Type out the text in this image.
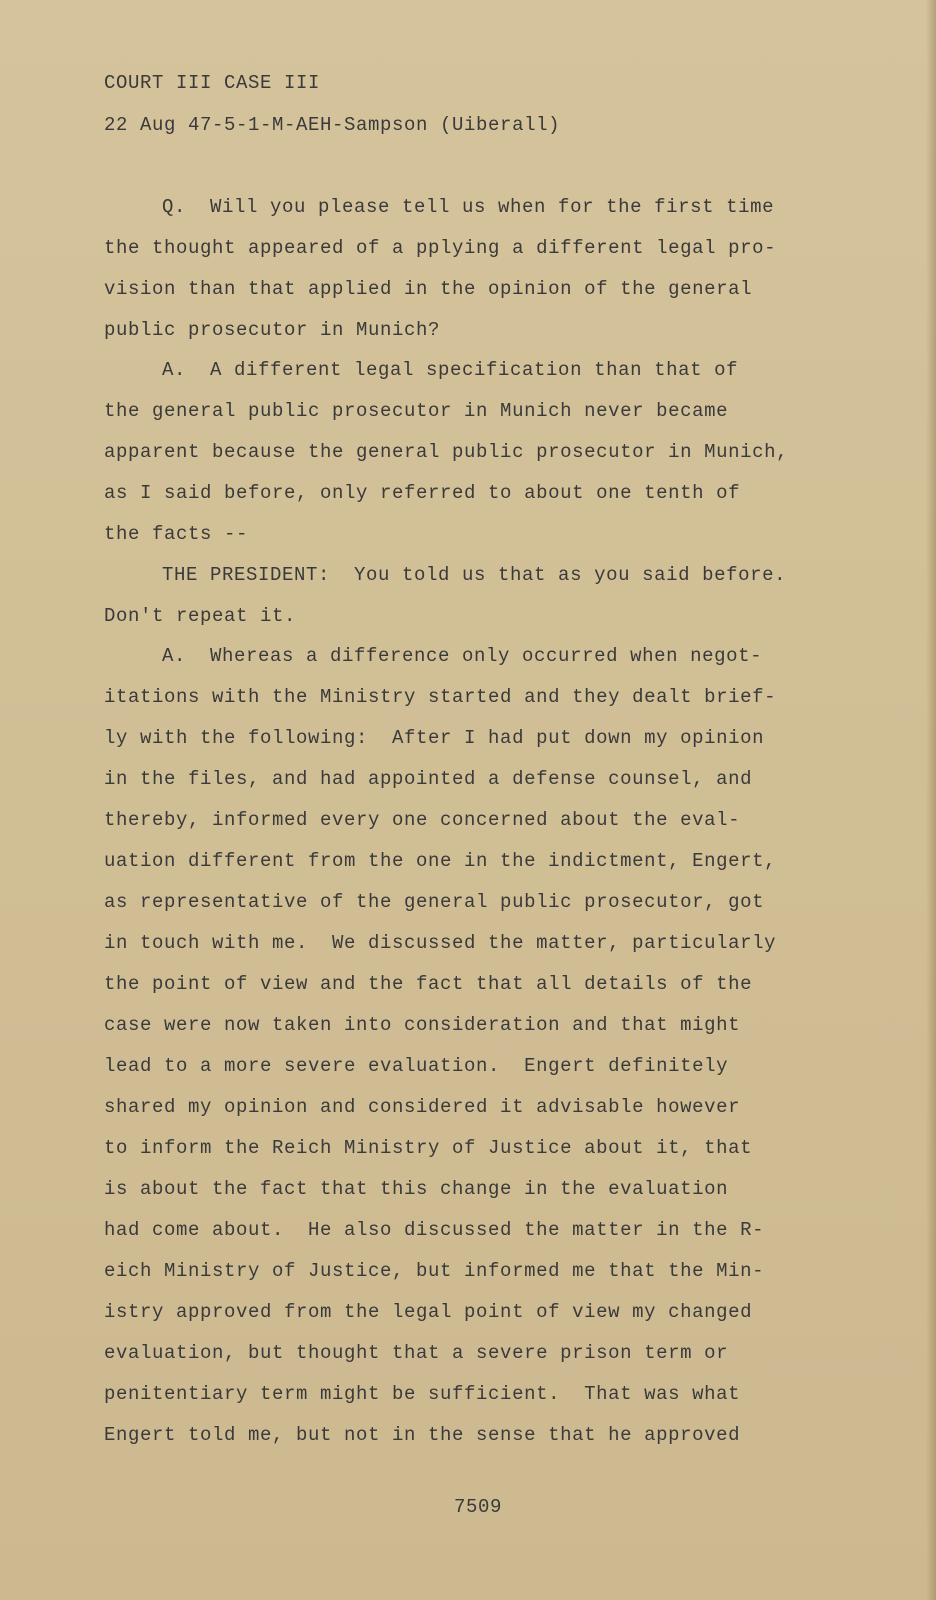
COURT III CASE III
22 Aug 47-5-1-M-AEH-Sampson (Uiberall)
Q.  Will you please tell us when for the first time
the thought appeared of a pplying a different legal pro-
vision than that applied in the opinion of the general
public prosecutor in Munich?
A.  A different legal specification than that of
the general public prosecutor in Munich never became
apparent because the general public prosecutor in Munich,
as I said before, only referred to about one tenth of
the facts --
THE PRESIDENT:  You told us that as you said before.
Don't repeat it.
A.  Whereas a difference only occurred when negot-
itations with the Ministry started and they dealt brief-
ly with the following:  After I had put down my opinion
in the files, and had appointed a defense counsel, and
thereby, informed every one concerned about the eval-
uation different from the one in the indictment, Engert,
as representative of the general public prosecutor, got
in touch with me.  We discussed the matter, particularly
the point of view and the fact that all details of the
case were now taken into consideration and that might
lead to a more severe evaluation.  Engert definitely
shared my opinion and considered it advisable however
to inform the Reich Ministry of Justice about it, that
is about the fact that this change in the evaluation
had come about.  He also discussed the matter in the R-
eich Ministry of Justice, but informed me that the Min-
istry approved from the legal point of view my changed
evaluation, but thought that a severe prison term or
penitentiary term might be sufficient.  That was what
Engert told me, but not in the sense that he approved
7509
